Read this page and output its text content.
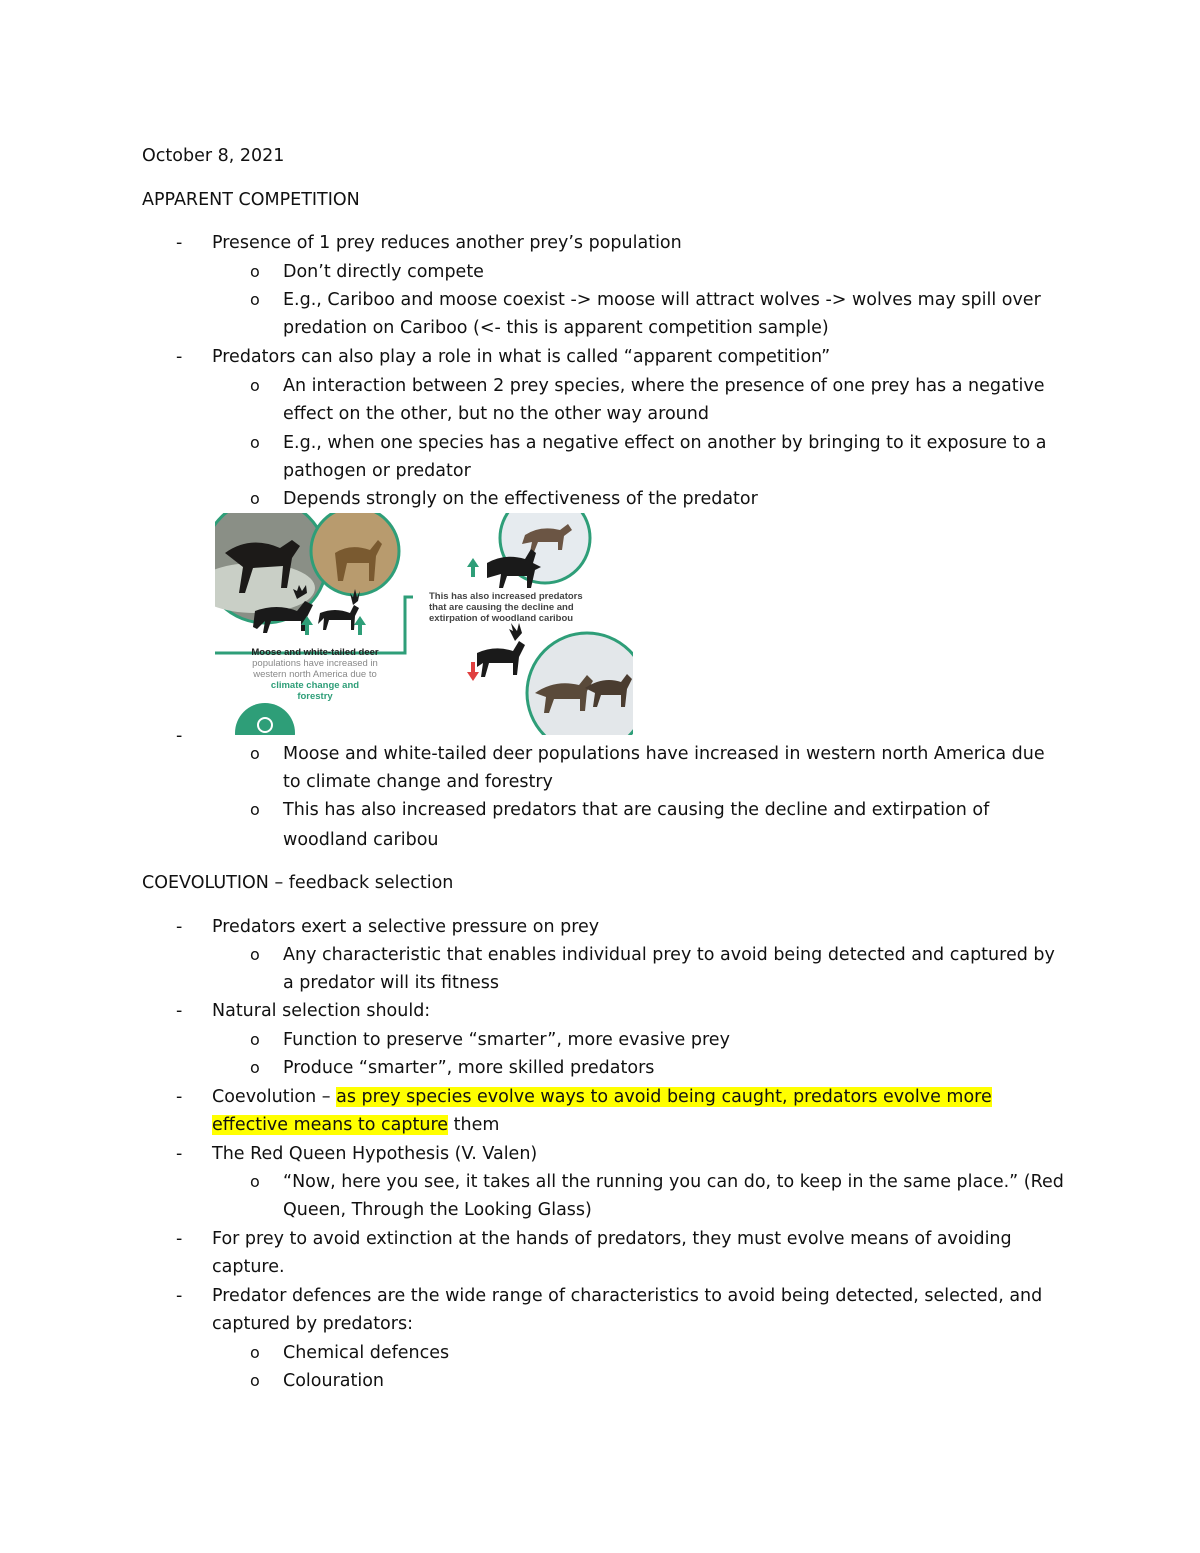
October 8, 2021
APPARENT COMPETITION
- Presence of 1 prey reduces another prey’s population
o Don’t directly compete
o E.g., Cariboo and moose coexist -> moose will attract wolves -> wolves may spill over
predation on Cariboo (<- this is apparent competition sample)
- Predators can also play a role in what is called “apparent competition”
o An interaction between 2 prey species, where the presence of one prey has a negative
effect on the other, but no the other way around
o E.g., when one species has a negative effect on another by bringing to it exposure to a
pathogen or predator
o Depends strongly on the effectiveness of the predator
Moose and white-tailed deer
populations have increased in
western north America due to
climate change and
forestry
This has also increased predators
that are causing the decline and
extirpation of woodland caribou
-
o Moose and white-tailed deer populations have increased in western north America due
to climate change and forestry
o This has also increased predators that are causing the decline and extirpation of
woodland caribou
COEVOLUTION – feedback selection
- Predators exert a selective pressure on prey
o Any characteristic that enables individual prey to avoid being detected and captured by
a predator will its fitness
- Natural selection should:
o Function to preserve “smarter”, more evasive prey
o Produce “smarter”, more skilled predators
- Coevolution – as prey species evolve ways to avoid being caught, predators evolve more
effective means to capture them
- The Red Queen Hypothesis (V. Valen)
o “Now, here you see, it takes all the running you can do, to keep in the same place.” (Red
Queen, Through the Looking Glass)
- For prey to avoid extinction at the hands of predators, they must evolve means of avoiding
capture.
- Predator defences are the wide range of characteristics to avoid being detected, selected, and
captured by predators:
o Chemical defences
o Colouration
